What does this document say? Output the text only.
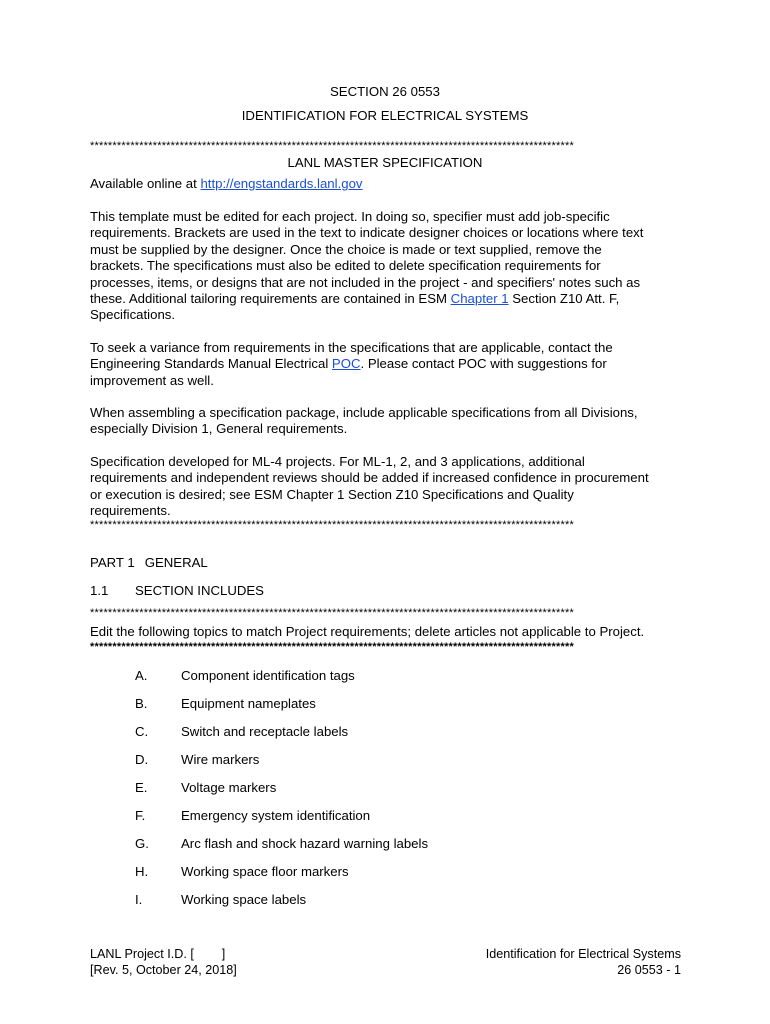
SECTION 26 0553
IDENTIFICATION FOR ELECTRICAL SYSTEMS
************************************************************************************************************
LANL MASTER SPECIFICATION
Available online at http://engstandards.lanl.gov
This template must be edited for each project. In doing so, specifier must add job-specific
requirements. Brackets are used in the text to indicate designer choices or locations where text
must be supplied by the designer. Once the choice is made or text supplied, remove the
brackets. The specifications must also be edited to delete specification requirements for
processes, items, or designs that are not included in the project - and specifiers' notes such as
these. Additional tailoring requirements are contained in ESM Chapter 1 Section Z10 Att. F,
Specifications.
To seek a variance from requirements in the specifications that are applicable, contact the
Engineering Standards Manual Electrical POC. Please contact POC with suggestions for
improvement as well.
When assembling a specification package, include applicable specifications from all Divisions,
especially Division 1, General requirements.
Specification developed for ML-4 projects. For ML-1, 2, and 3 applications, additional
requirements and independent reviews should be added if increased confidence in procurement
or execution is desired; see ESM Chapter 1 Section Z10 Specifications and Quality
requirements.
************************************************************************************************************
PART 1 GENERAL
1.1 SECTION INCLUDES
************************************************************************************************************
Edit the following topics to match Project requirements; delete articles not applicable to Project.
************************************************************************************************************
A.	Component identification tags
B.	Equipment nameplates
C. Switch and receptacle labels
D. Wire markers
E.	Voltage markers
F.	Emergency system identification
G. Arc flash and shock hazard warning labels
H. Working space floor markers
I.	Working space labels
LANL Project I.D. [        ]
[Rev. 5, October 24, 2018]
Identification for Electrical Systems
26 0553 - 1
